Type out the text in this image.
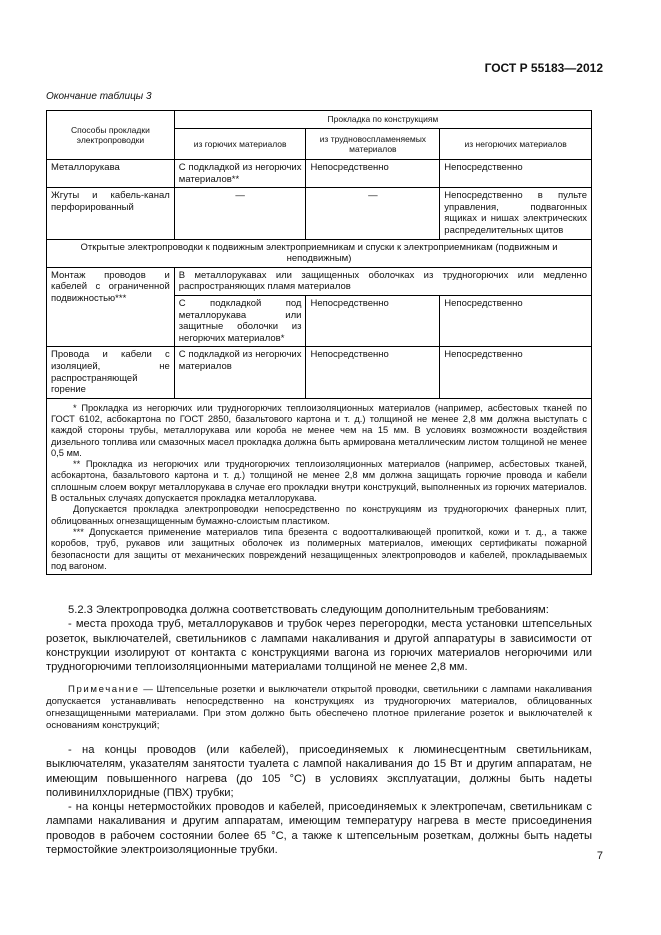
ГОСТ Р 55183—2012
Окончание таблицы 3
Способы прокладки электропроводки	Прокладка по конструкциям		
	из горючих материалов	из трудновоспламеняемых материалов	из негорючих материалов
Металлорукава	С подкладкой из негорючих материалов**	Непосредственно	Непосредственно
Жгуты и кабель-канал перфорированный	—	—	Непосредственно в пульте управления, подвагонных ящиках и нишах электрических распределительных щитов
Открытые электропроводки к подвижным электроприемникам и спуски к электроприемникам (подвижным и неподвижным)			
Монтаж проводов и кабелей с ограниченной подвижностью***	В металлорукавах или защищенных оболочках из трудногорючих или медленно распространяющих пламя материалов		
	С подкладкой под металлорукава или защитные оболочки из негорючих материалов*	Непосредственно	Непосредственно
Провода и кабели с изоляцией, не распространяющей горение	С подкладкой из негорючих материалов	Непосредственно	Непосредственно

* Прокладка из негорючих или трудногорючих теплоизоляционных материалов (например, асбестовых тканей по ГОСТ 6102, асбокартона по ГОСТ 2850, базальтового картона и т. д.) толщиной не менее 2,8 мм должна выступать с каждой стороны трубы, металлорукава или короба не менее чем на 15 мм. В условиях возможности воздействия дизельного топлива или смазочных масел прокладка должна быть армирована металлическим листом толщиной не менее 0,5 мм.

** Прокладка из негорючих или трудногорючих теплоизоляционных материалов (например, асбестовых тканей, асбокартона, базальтового картона и т. д.) толщиной не менее 2,8 мм должна защищать горючие провода и кабели сплошным слоем вокруг металлорукава в случае его прокладки внутри конструкций, выполненных из горючих материалов. В остальных случаях допускается прокладка металлорукава.

Допускается прокладка электропроводки непосредственно по конструкциям из трудногорючих фанерных плит, облицованных огнезащищенным бумажно-слоистым пластиком.

*** Допускается применение материалов типа брезента с водоотталкивающей пропиткой, кожи и т. д., а также коробов, труб, рукавов или защитных оболочек из полимерных материалов, имеющих сертификаты пожарной безопасности для защиты от механических повреждений незащищенных электропроводов и кабелей, прокладываемых под вагоном.			

5.2.3 Электропроводка должна соответствовать следующим дополнительным требованиям:

- места прохода труб, металлорукавов и трубок через перегородки, места установки штепсельных розеток, выключателей, светильников с лампами накаливания и другой аппаратуры в зависимости от конструкции изолируют от контакта с конструкциями вагона из горючих материалов негорючими или трудногорючими теплоизоляционными материалами толщиной не менее 2,8 мм.

Примечание — Штепсельные розетки и выключатели открытой проводки, светильники с лампами накаливания допускается устанавливать непосредственно на конструкциях из трудногорючих материалов, облицованных огнезащищенными материалами. При этом должно быть обеспечено плотное прилегание розеток и выключателей к основаниям конструкций;

- на концы проводов (или кабелей), присоединяемых к люминесцентным светильникам, выключателям, указателям занятости туалета с лампой накаливания до 15 Вт и другим аппаратам, не имеющим повышенного нагрева (до 105 °С) в условиях эксплуатации, должны быть надеты поливинилхлоридные (ПВХ) трубки;

- на концы нетермостойких проводов и кабелей, присоединяемых к электропечам, светильникам с лампами накаливания и другим аппаратам, имеющим температуру нагрева в месте присоединения проводов в рабочем состоянии более 65 °С, а также к штепсельным розеткам, должны быть надеты термостойкие электроизоляционные трубки.	7
